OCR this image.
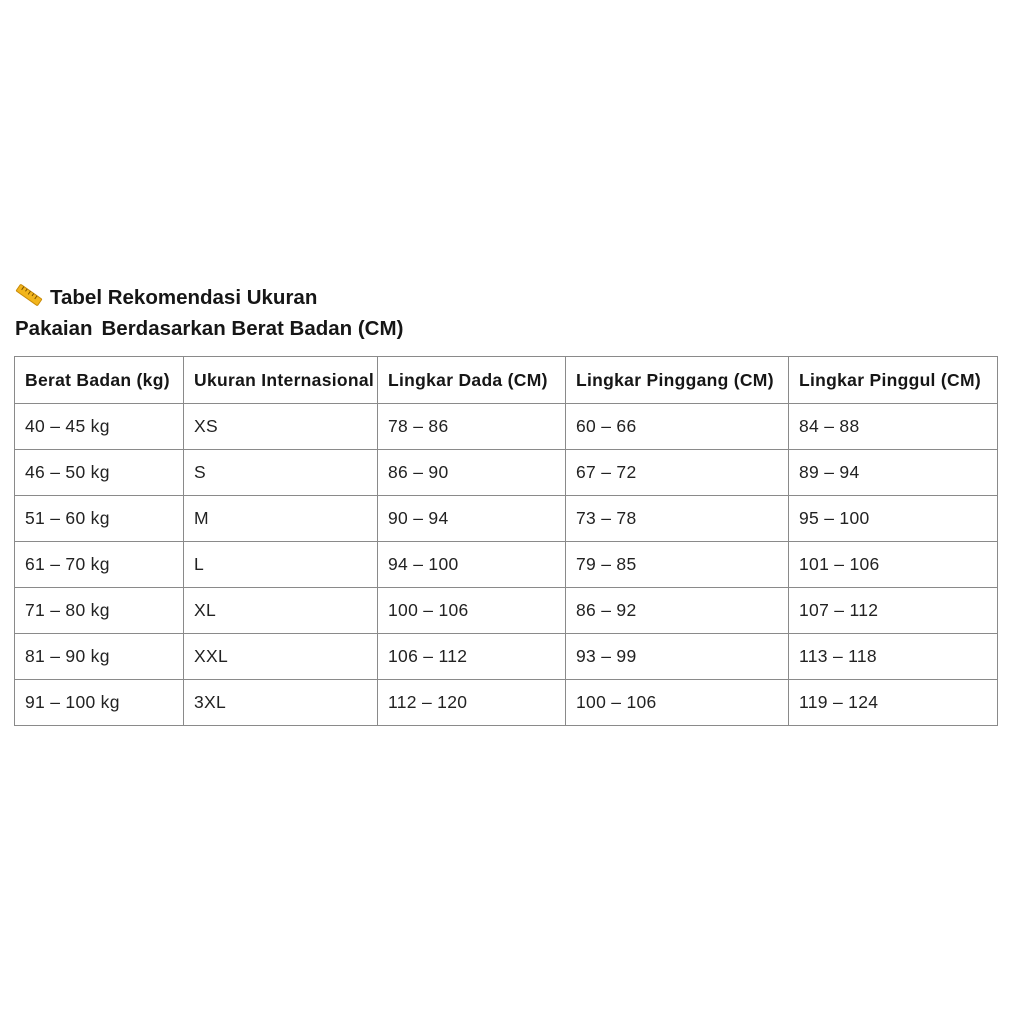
Tabel Rekomendasi Ukuran
Pakaian Berdasarkan Berat Badan (CM)
Berat Badan (kg)	Ukuran Internasional	Lingkar Dada (CM)	Lingkar Pinggang (CM)	Lingkar Pinggul (CM)
40 – 45 kg	XS	78 – 86	60 – 66	84 – 88
46 – 50 kg	S	86 – 90	67 – 72	89 – 94
51 – 60 kg	M	90 – 94	73 – 78	95 – 100
61 – 70 kg	L	94 – 100	79 – 85	101 – 106
71 – 80 kg	XL	100 – 106	86 – 92	107 – 112
81 – 90 kg	XXL	106 – 112	93 – 99	113 – 118
91 – 100 kg	3XL	112 – 120	100 – 106	119 – 124
